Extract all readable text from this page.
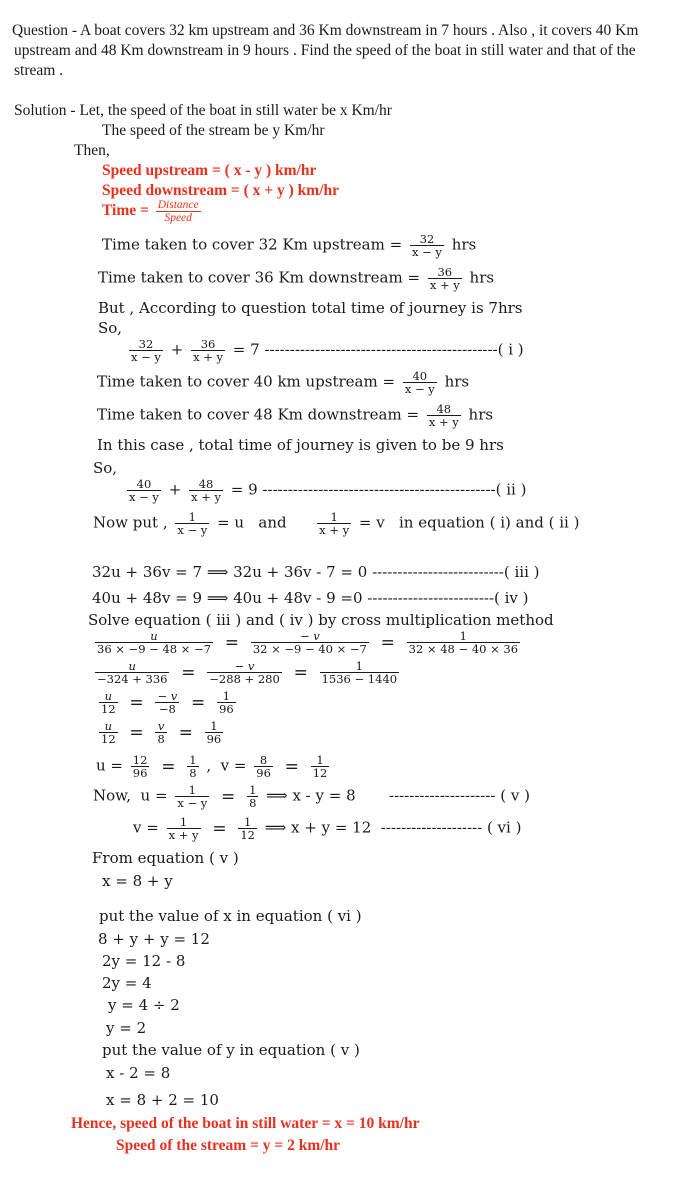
Question - A boat covers 32 km upstream and 36 Km downstream in 7 hours . Also , it covers 40 Km
upstream and 48 Km downstream in 9 hours . Find the speed of the boat in still water and that of the
stream .
Solution - Let, the speed of the boat in still water be x Km/hr
The speed of the stream be y Km/hr
Then,
Speed upstream = ( x - y ) km/hr
Speed downstream = ( x + y ) km/hr
Time = $\frac{\text{Distance}}{\text{Speed}}$
Time taken to cover 32 Km upstream = $\frac{32}{x - y}$ hrs
Time taken to cover 36 Km downstream = $\frac{36}{x + y}$ hrs
But , According to question total time of journey is 7hrs
So,
$\frac{32}{x - y} + \frac{36}{x + y} = 7$ ----------------------------------------------( i )
Time taken to cover 40 km upstream = $\frac{40}{x - y}$ hrs
Time taken to cover 48 Km downstream = $\frac{48}{x + y}$ hrs
In this case , total time of journey is given to be 9 hrs
So,
$\frac{40}{x - y} + \frac{48}{x + y} = 9$ ----------------------------------------------( ii )
Now put , $\frac{1}{x - y} = u$   and	$\frac{1}{x + y} = v$   in equation ( i) and ( ii )
32u + 36v = 7 ⟹ 32u + 36v - 7 = 0 --------------------------( iii )
40u + 48v = 9 ⟹ 40u + 48v - 9 =0 -------------------------( iv )
Solve equation ( iii ) and ( iv ) by cross multiplication method
$\frac{u}{36 \times -9 - 48 \times -7} = \frac{- v}{32 \times -9 - 40 \times -7} = \frac{1}{32 \times 48 - 40 \times 36}$
$\frac{u}{-324 + 336} = \frac{- v}{-288 + 280} = \frac{1}{1536 - 1440}$
$\frac{u}{12} = \frac{- v}{-8} = \frac{1}{96}$
$\frac{u}{12} = \frac{v}{8} = \frac{1}{96}$
$u = \frac{12}{96} = \frac{1}{8}$ ,  $v = \frac{8}{96} = \frac{1}{12}$
Now,  $u = \frac{1}{x - y} = \frac{1}{8}$ ⟹ x - y = 8       --------------------- ( v )
$v = \frac{1}{x + y} = \frac{1}{12}$ ⟹ x + y = 12  -------------------- ( vi )
From equation ( v )
x = 8 + y
put the value of x in equation ( vi )
8 + y + y = 12
2y = 12 - 8
2y = 4
y = 4 ÷ 2
y = 2
put the value of y in equation ( v )
x - 2 = 8
x = 8 + 2 = 10
Hence, speed of the boat in still water = x = 10 km/hr
Speed of the stream = y = 2 km/hr
